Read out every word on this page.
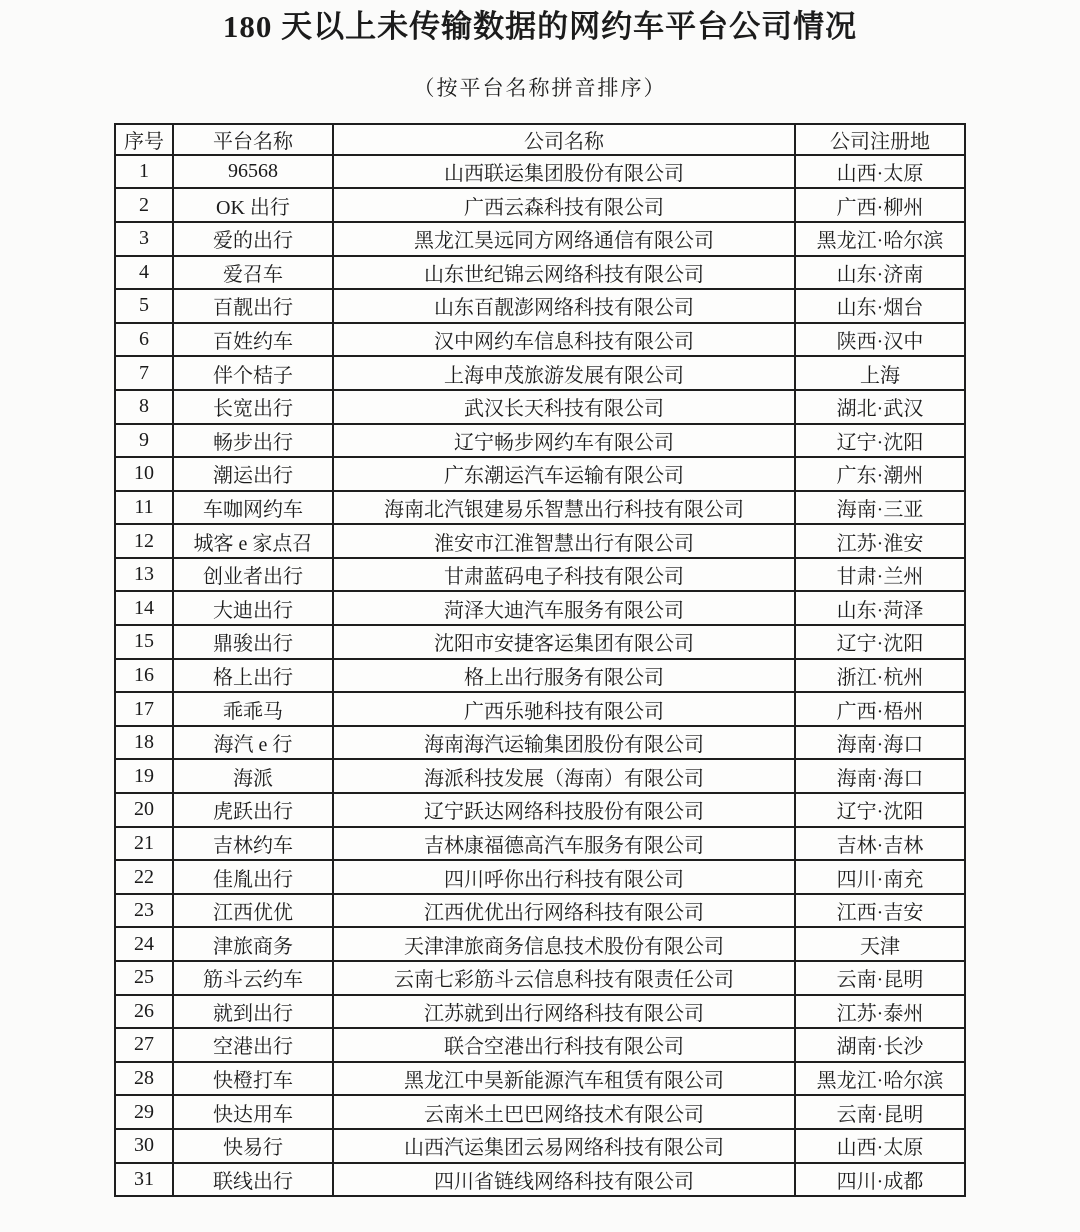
180 天以上未传输数据的网约车平台公司情况
（按平台名称拼音排序）
序号	平台名称	公司名称	公司注册地
1	96568	山西联运集团股份有限公司	山西·太原
2	OK 出行	广西云森科技有限公司	广西·柳州
3	爱的出行	黑龙江昊远同方网络通信有限公司	黑龙江·哈尔滨
4	爱召车	山东世纪锦云网络科技有限公司	山东·济南
5	百靓出行	山东百靓澎网络科技有限公司	山东·烟台
6	百姓约车	汉中网约车信息科技有限公司	陕西·汉中
7	伴个桔子	上海申茂旅游发展有限公司	上海
8	长宽出行	武汉长天科技有限公司	湖北·武汉
9	畅步出行	辽宁畅步网约车有限公司	辽宁·沈阳
10	潮运出行	广东潮运汽车运输有限公司	广东·潮州
11	车咖网约车	海南北汽银建易乐智慧出行科技有限公司	海南·三亚
12	城客 e 家点召	淮安市江淮智慧出行有限公司	江苏·淮安
13	创业者出行	甘肃蓝码电子科技有限公司	甘肃·兰州
14	大迪出行	菏泽大迪汽车服务有限公司	山东·菏泽
15	鼎骏出行	沈阳市安捷客运集团有限公司	辽宁·沈阳
16	格上出行	格上出行服务有限公司	浙江·杭州
17	乖乖马	广西乐驰科技有限公司	广西·梧州
18	海汽 e 行	海南海汽运输集团股份有限公司	海南·海口
19	海派	海派科技发展（海南）有限公司	海南·海口
20	虎跃出行	辽宁跃达网络科技股份有限公司	辽宁·沈阳
21	吉林约车	吉林康福德高汽车服务有限公司	吉林·吉林
22	佳胤出行	四川呼你出行科技有限公司	四川·南充
23	江西优优	江西优优出行网络科技有限公司	江西·吉安
24	津旅商务	天津津旅商务信息技术股份有限公司	天津
25	筋斗云约车	云南七彩筋斗云信息科技有限责任公司	云南·昆明
26	就到出行	江苏就到出行网络科技有限公司	江苏·泰州
27	空港出行	联合空港出行科技有限公司	湖南·长沙
28	快橙打车	黑龙江中昊新能源汽车租赁有限公司	黑龙江·哈尔滨
29	快达用车	云南米土巴巴网络技术有限公司	云南·昆明
30	快易行	山西汽运集团云易网络科技有限公司	山西·太原
31	联线出行	四川省链线网络科技有限公司	四川·成都
